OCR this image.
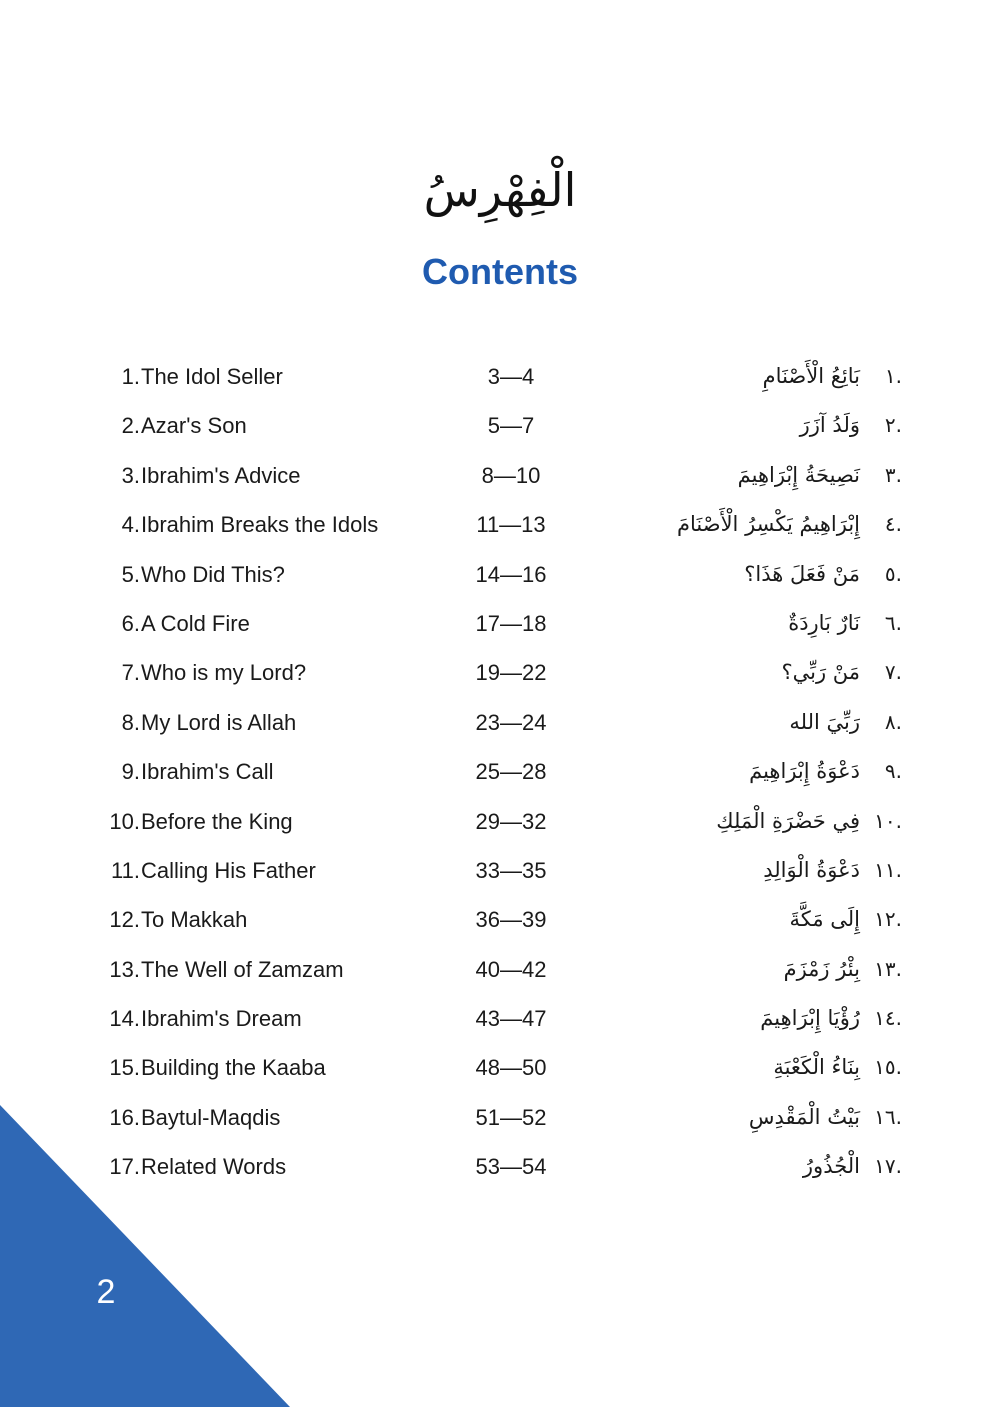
الْفِهْرِسُ
Contents
1. The Idol Seller	3—4	بَائِعُ الْأَصْنَامِ	.١
2. Azar's Son	5—7	وَلَدُ آزَرَ	.٢
3. Ibrahim's Advice	8—10	نَصِيحَةُ إِبْرَاهِيمَ	.٣
4. Ibrahim Breaks the Idols	11—13	إِبْرَاهِيمُ يَكْسِرُ الْأَصْنَامَ	.٤
5. Who Did This?	14—16	مَنْ فَعَلَ هَذَا؟	.٥
6. A Cold Fire	17—18	نَارٌ بَارِدَةٌ	.٦
7. Who is my Lord?	19—22	مَنْ رَبِّي؟	.٧
8. My Lord is Allah	23—24	رَبِّيَ الله	.٨
9. Ibrahim's Call	25—28	دَعْوَةُ إِبْرَاهِيمَ	.٩
10. Before the King	29—32	فِي حَضْرَةِ الْمَلِكِ .١٠
11. Calling His Father	33—35	دَعْوَةُ الْوَالِدِ .١١
12. To Makkah	36—39	إِلَى مَكَّةَ .١٢
13. The Well of Zamzam	40—42	بِئْرُ زَمْزَمَ .١٣
14. Ibrahim's Dream	43—47	رُؤْيَا إِبْرَاهِيمَ .١٤
15. Building the Kaaba	48—50	بِنَاءُ الْكَعْبَةِ .١٥
16. Baytul-Maqdis	51—52	بَيْتُ الْمَقْدِسِ .١٦
17. Related Words	53—54	الْجُذُورُ .١٧
2
